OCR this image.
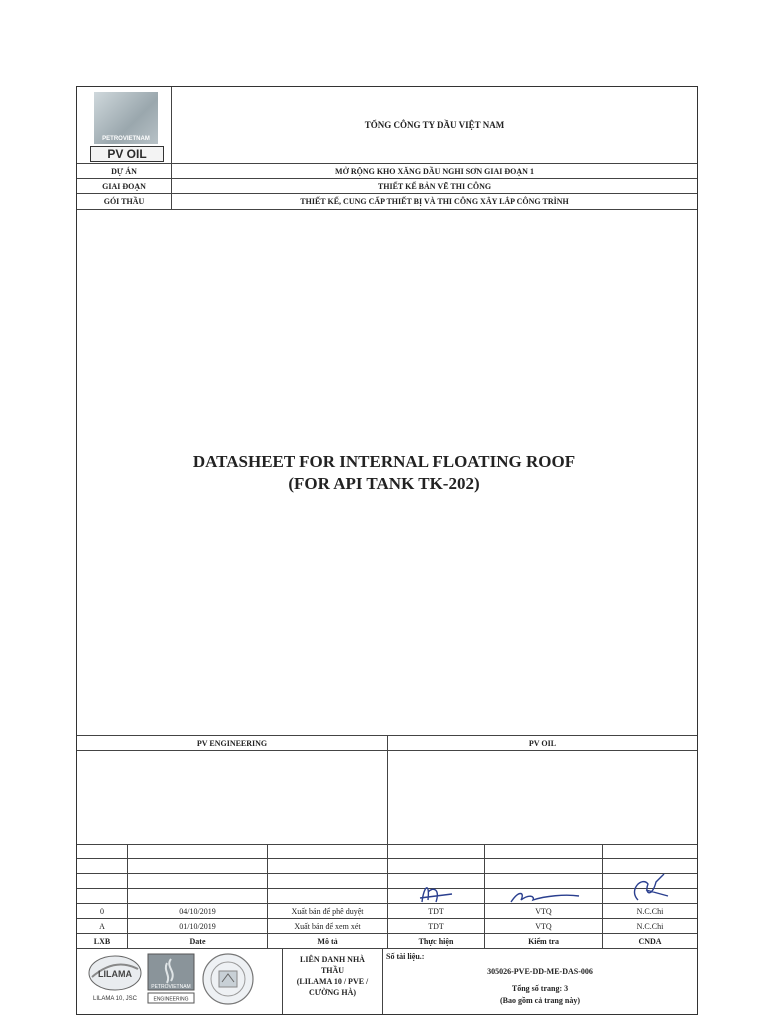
PETROVIETNAM
PV OIL
TỔNG CÔNG TY DẦU VIỆT NAM
DỰ ÁN	MỞ RỘNG KHO XĂNG DẦU NGHI SƠN GIAI ĐOẠN 1
GIAI ĐOẠN	THIẾT KẾ BẢN VẼ THI CÔNG
GÓI THẦU	THIẾT KẾ, CUNG CẤP THIẾT BỊ VÀ THI CÔNG XÂY LẮP CÔNG TRÌNH
DATASHEET FOR INTERNAL FLOATING ROOF
(FOR API TANK TK-202)
PV ENGINEERING	PV OIL
0	04/10/2019	Xuất bản để phê duyệt	TDT	VTQ	N.C.Chi
A	01/10/2019	Xuất bản để xem xét	TDT	VTQ	N.C.Chi
LXB	Date	Mô tả	Thực hiện	Kiểm tra	CNDA
LILAMA
LILAMA 10, JSC
PETROVIETNAM
ENGINEERING
LIÊN DANH NHÀ
THẦU
(LILAMA 10 / PVE /
CƯỜNG HÀ)
Số tài liệu.:
305026-PVE-DD-ME-DAS-006
Tổng số trang: 3
(Bao gồm cả trang này)
